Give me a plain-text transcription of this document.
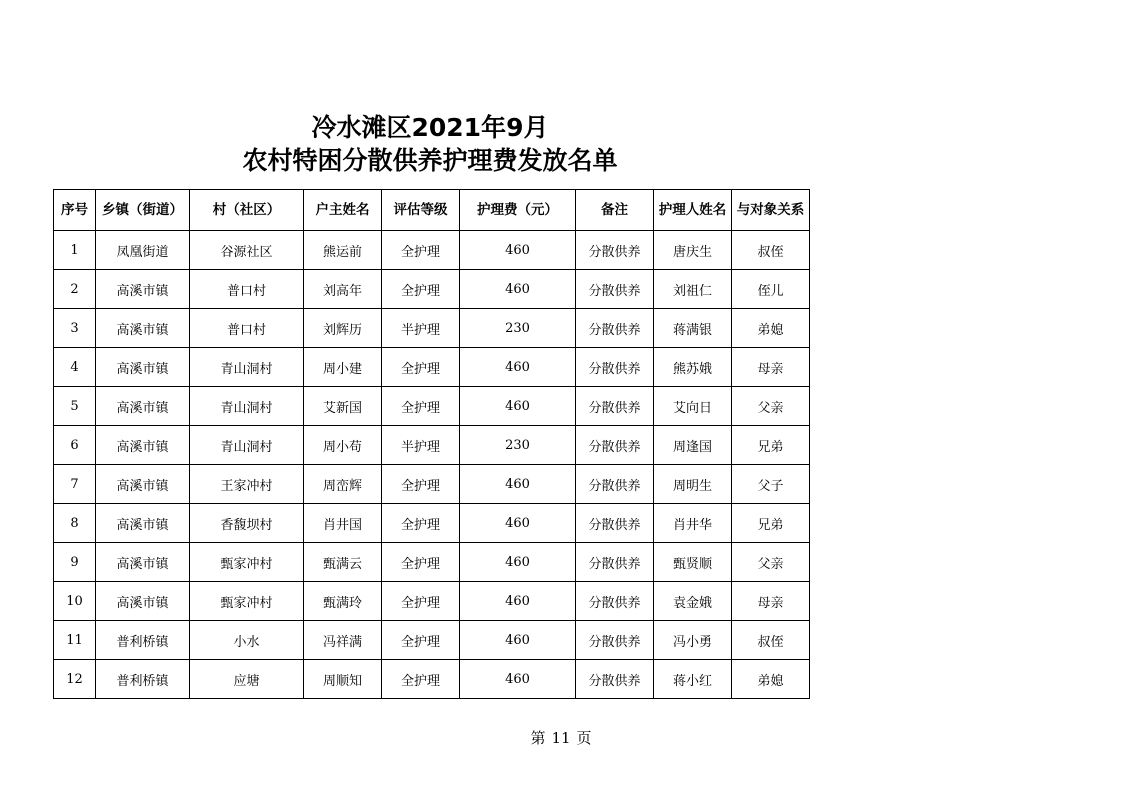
冷水滩区2021年9月
农村特困分散供养护理费发放名单
序号	乡镇（街道）	村（社区）	户主姓名	评估等级	护理费（元）	备注	护理人姓名	与对象关系
1	凤凰街道	谷源社区	熊运前	全护理	460	分散供养	唐庆生	叔侄
2	高溪市镇	普口村	刘高年	全护理	460	分散供养	刘祖仁	侄儿
3	高溪市镇	普口村	刘辉历	半护理	230	分散供养	蒋满银	弟媳
4	高溪市镇	青山洞村	周小建	全护理	460	分散供养	熊苏娥	母亲
5	高溪市镇	青山洞村	艾新国	全护理	460	分散供养	艾向日	父亲
6	高溪市镇	青山洞村	周小苟	半护理	230	分散供养	周逢国	兄弟
7	高溪市镇	王家冲村	周峦辉	全护理	460	分散供养	周明生	父子
8	高溪市镇	香馥坝村	肖井国	全护理	460	分散供养	肖井华	兄弟
9	高溪市镇	甄家冲村	甄满云	全护理	460	分散供养	甄贤顺	父亲
10	高溪市镇	甄家冲村	甄满玲	全护理	460	分散供养	袁金娥	母亲
11	普利桥镇	小水	冯祥满	全护理	460	分散供养	冯小勇	叔侄
12	普利桥镇	应塘	周顺知	全护理	460	分散供养	蒋小红	弟媳
第 11 页
